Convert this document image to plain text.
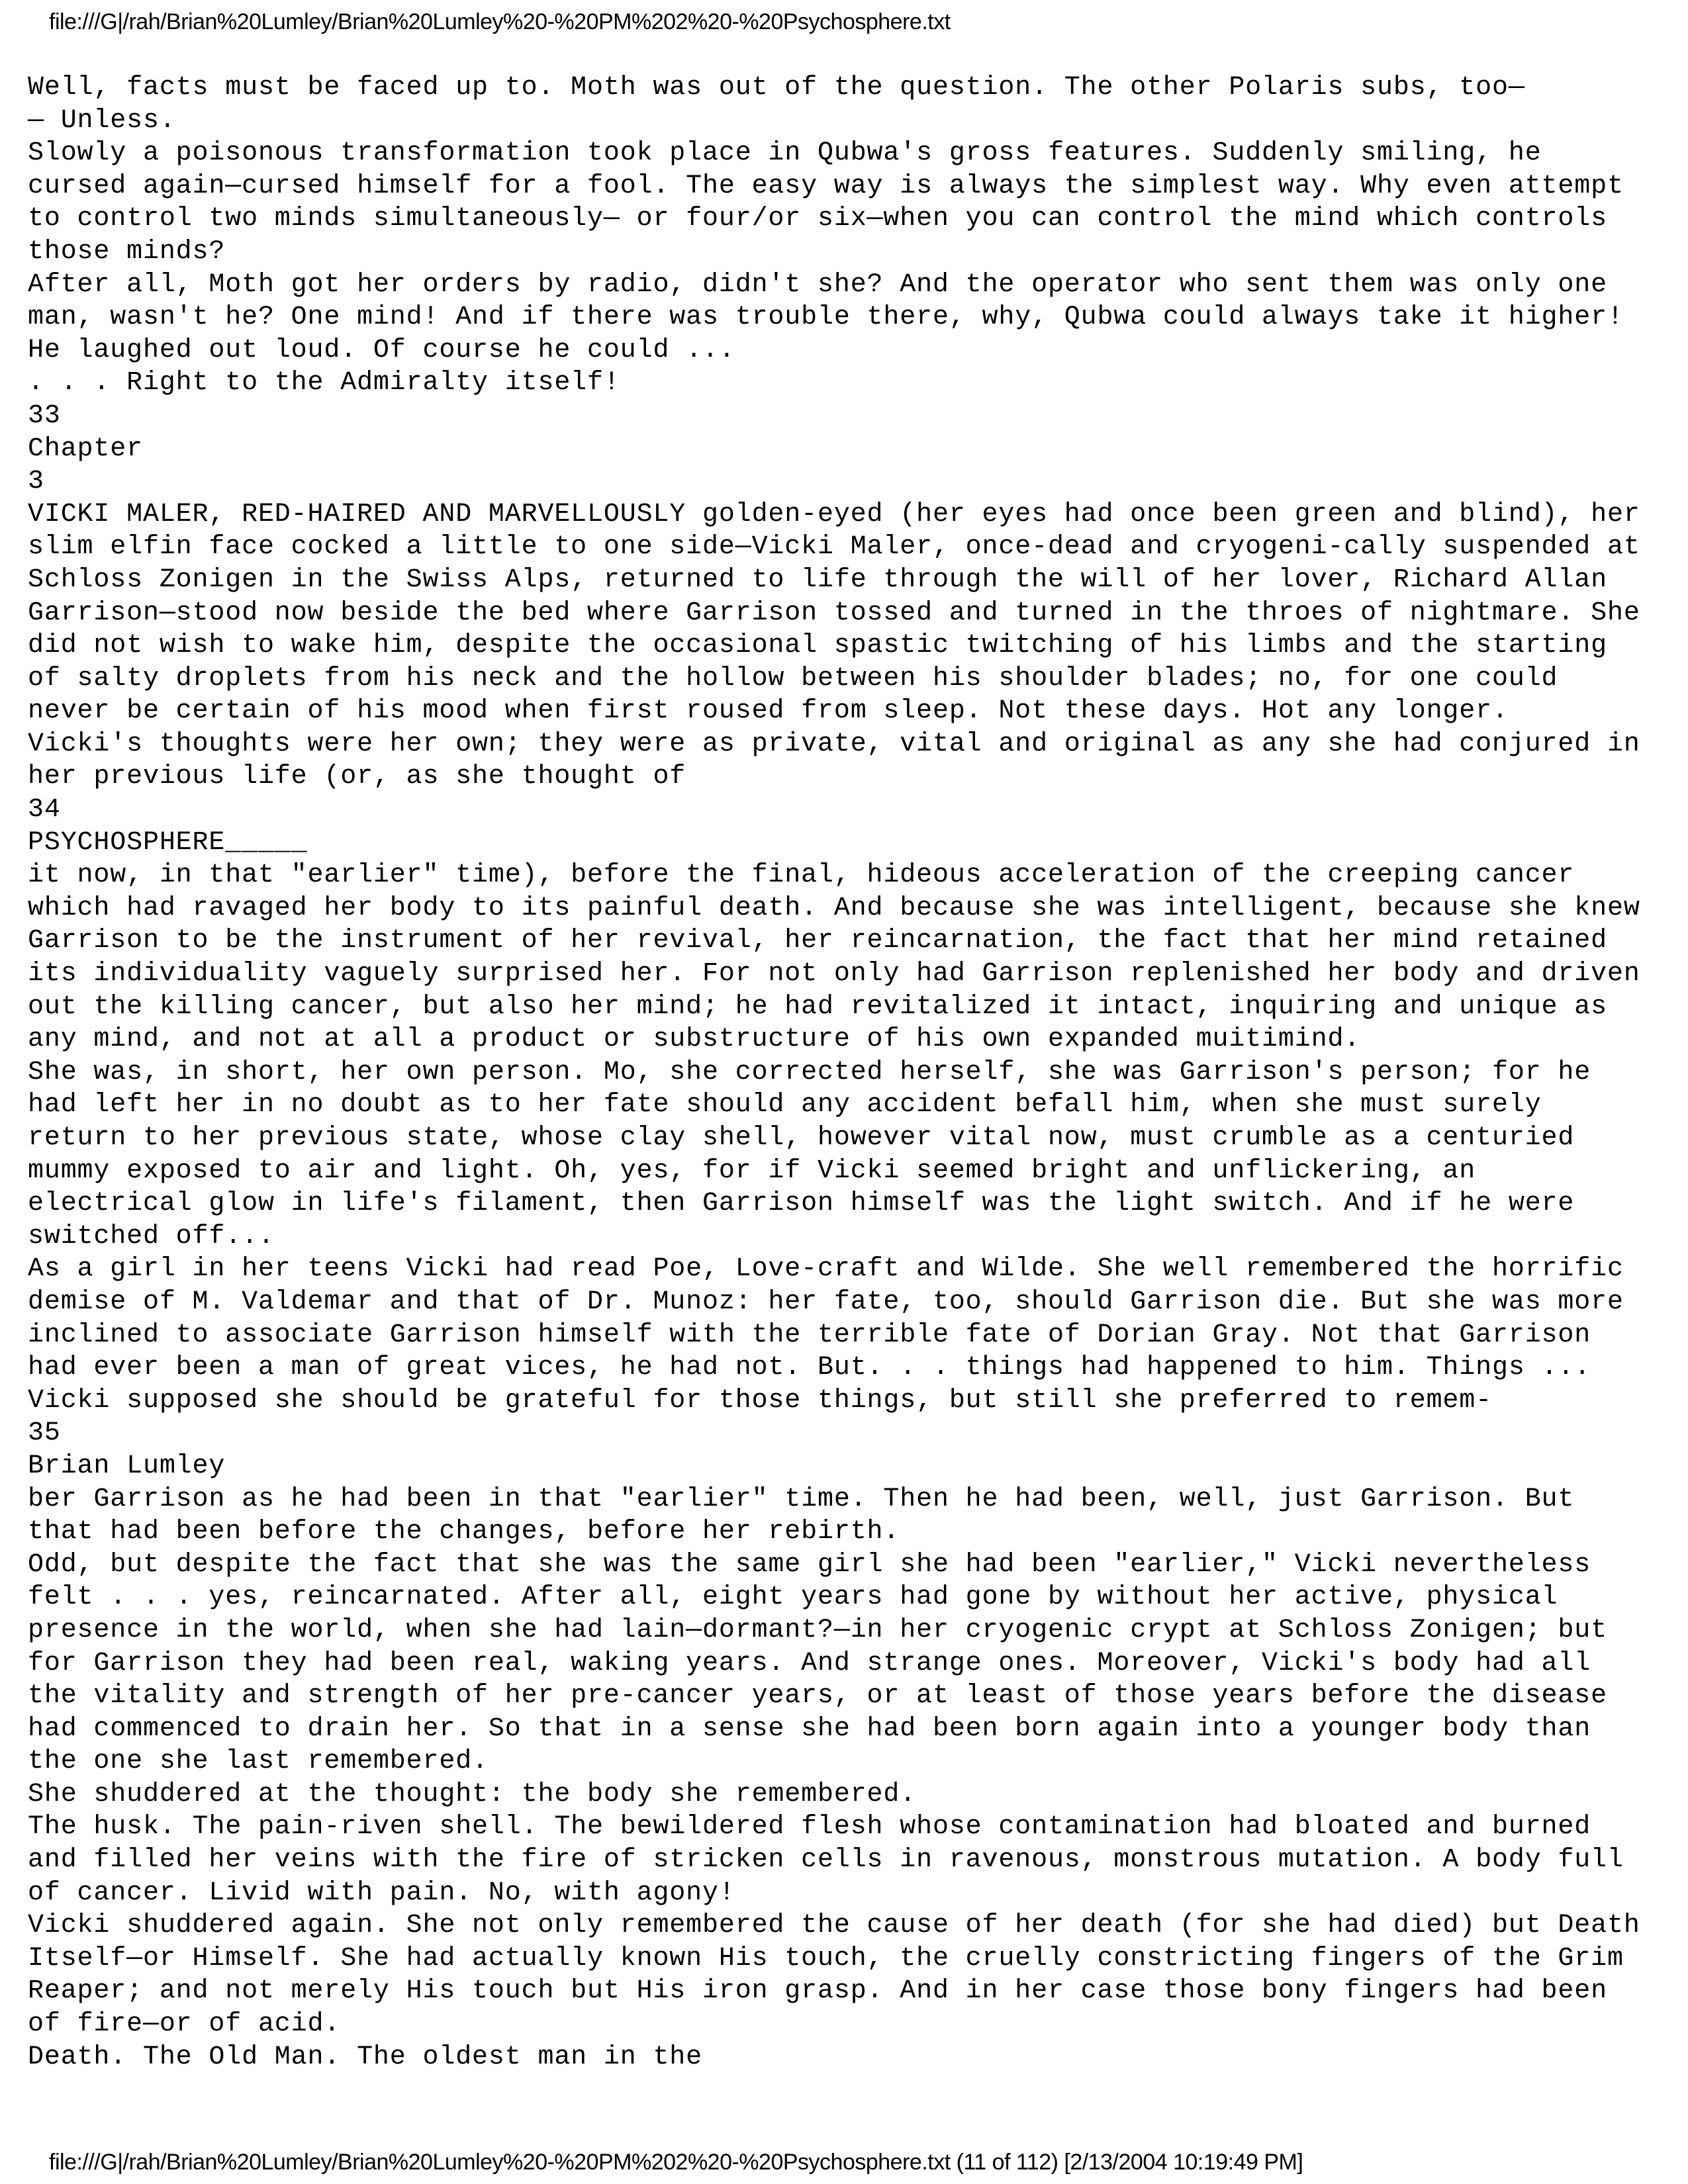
file:///G|/rah/Brian%20Lumley/Brian%20Lumley%20-%20PM%202%20-%20Psychosphere.txt
Well, facts must be faced up to. Moth was out of the question. The other Polaris subs, too—
— Unless.
Slowly a poisonous transformation took place in Qubwa's gross features. Suddenly smiling, he
cursed again—cursed himself for a fool. The easy way is always the simplest way. Why even attempt
to control two minds simultaneously— or four/or six—when you can control the mind which controls
those minds?
After all, Moth got her orders by radio, didn't she? And the operator who sent them was only one
man, wasn't he? One mind! And if there was trouble there, why, Qubwa could always take it higher!
He laughed out loud. Of course he could ...
. . . Right to the Admiralty itself!
33
Chapter
3
VICKI MALER, RED-HAIRED AND MARVELLOUSLY golden-eyed (her eyes had once been green and blind), her
slim elfin face cocked a little to one side—Vicki Maler, once-dead and cryogeni-cally suspended at
Schloss Zonigen in the Swiss Alps, returned to life through the will of her lover, Richard Allan
Garrison—stood now beside the bed where Garrison tossed and turned in the throes of nightmare. She
did not wish to wake him, despite the occasional spastic twitching of his limbs and the starting
of salty droplets from his neck and the hollow between his shoulder blades; no, for one could
never be certain of his mood when first roused from sleep. Not these days. Hot any longer.
Vicki's thoughts were her own; they were as private, vital and original as any she had conjured in
her previous life (or, as she thought of
34
PSYCHOSPHERE_____
it now, in that "earlier" time), before the final, hideous acceleration of the creeping cancer
which had ravaged her body to its painful death. And because she was intelligent, because she knew
Garrison to be the instrument of her revival, her reincarnation, the fact that her mind retained
its individuality vaguely surprised her. For not only had Garrison replenished her body and driven
out the killing cancer, but also her mind; he had revitalized it intact, inquiring and unique as
any mind, and not at all a product or substructure of his own expanded muitimind.
She was, in short, her own person. Mo, she corrected herself, she was Garrison's person; for he
had left her in no doubt as to her fate should any accident befall him, when she must surely
return to her previous state, whose clay shell, however vital now, must crumble as a centuried
mummy exposed to air and light. Oh, yes, for if Vicki seemed bright and unflickering, an
electrical glow in life's filament, then Garrison himself was the light switch. And if he were
switched off...
As a girl in her teens Vicki had read Poe, Love-craft and Wilde. She well remembered the horrific
demise of M. Valdemar and that of Dr. Munoz: her fate, too, should Garrison die. But she was more
inclined to associate Garrison himself with the terrible fate of Dorian Gray. Not that Garrison
had ever been a man of great vices, he had not. But. . . things had happened to him. Things ...
Vicki supposed she should be grateful for those things, but still she preferred to remem-
35
Brian Lumley
ber Garrison as he had been in that "earlier" time. Then he had been, well, just Garrison. But
that had been before the changes, before her rebirth.
Odd, but despite the fact that she was the same girl she had been "earlier," Vicki nevertheless
felt . . . yes, reincarnated. After all, eight years had gone by without her active, physical
presence in the world, when she had lain—dormant?—in her cryogenic crypt at Schloss Zonigen; but
for Garrison they had been real, waking years. And strange ones. Moreover, Vicki's body had all
the vitality and strength of her pre-cancer years, or at least of those years before the disease
had commenced to drain her. So that in a sense she had been born again into a younger body than
the one she last remembered.
She shuddered at the thought: the body she remembered.
The husk. The pain-riven shell. The bewildered flesh whose contamination had bloated and burned
and filled her veins with the fire of stricken cells in ravenous, monstrous mutation. A body full
of cancer. Livid with pain. No, with agony!
Vicki shuddered again. She not only remembered the cause of her death (for she had died) but Death
Itself—or Himself. She had actually known His touch, the cruelly constricting fingers of the Grim
Reaper; and not merely His touch but His iron grasp. And in her case those bony fingers had been
of fire—or of acid.
Death. The Old Man. The oldest man in the
file:///G|/rah/Brian%20Lumley/Brian%20Lumley%20-%20PM%202%20-%20Psychosphere.txt (11 of 112) [2/13/2004 10:19:49 PM]
